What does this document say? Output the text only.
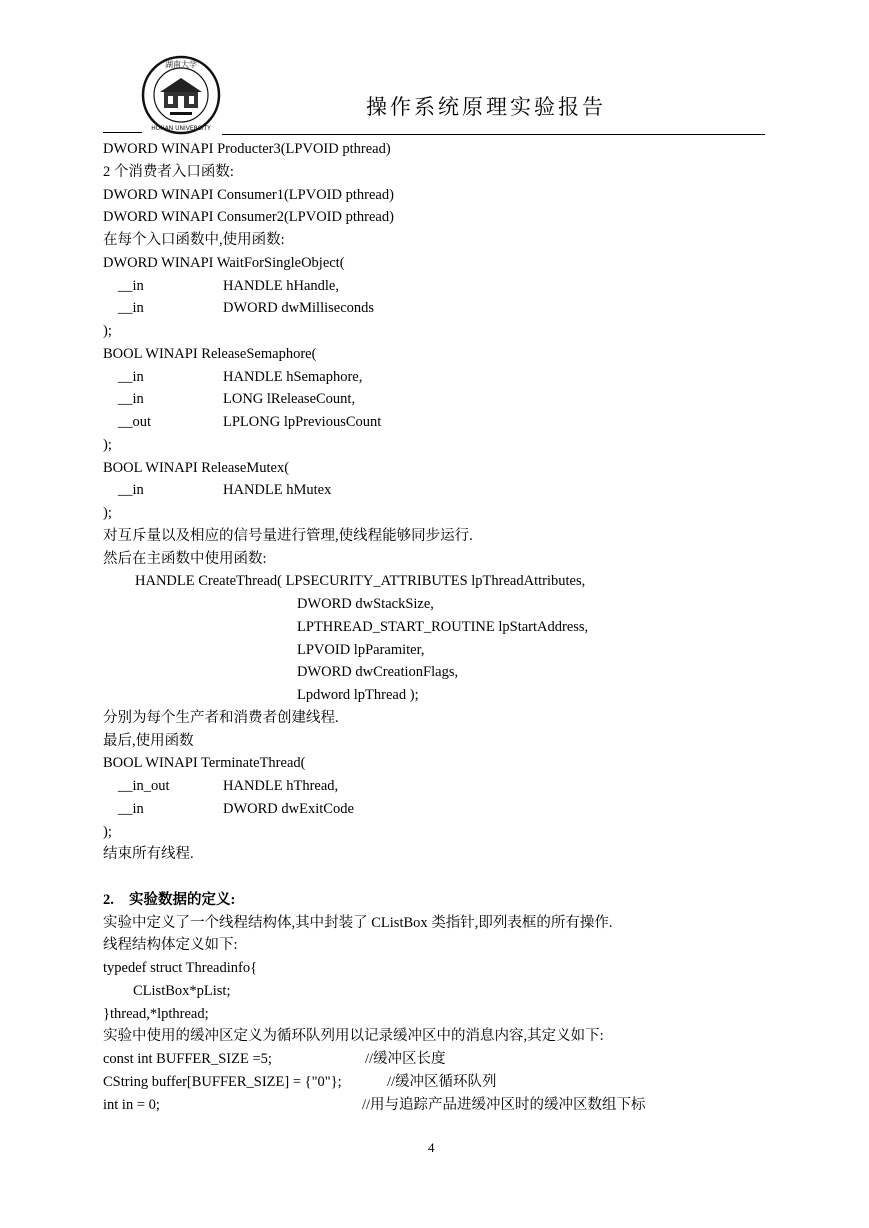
湖南大学
HUNAN UNIVERSITY
操作系统原理实验报告
DWORD WINAPI Producter3(LPVOID pthread)
2 个消费者入口函数:
DWORD WINAPI Consumer1(LPVOID pthread)
DWORD WINAPI Consumer2(LPVOID pthread)
在每个入口函数中,使用函数:
DWORD WINAPI WaitForSingleObject(
__in	HANDLE hHandle,
__in	DWORD dwMilliseconds
);
BOOL WINAPI ReleaseSemaphore(
__in	HANDLE hSemaphore,
__in	LONG lReleaseCount,
__out	LPLONG lpPreviousCount
);
BOOL WINAPI ReleaseMutex(
__in	HANDLE hMutex
);
对互斥量以及相应的信号量进行管理,使线程能够同步运行.
然后在主函数中使用函数:
HANDLE CreateThread( LPSECURITY_ATTRIBUTES lpThreadAttributes,
DWORD dwStackSize,
LPTHREAD_START_ROUTINE lpStartAddress,
LPVOID lpParamiter,
DWORD dwCreationFlags,
Lpdword lpThread );
分别为每个生产者和消费者创建线程.
最后,使用函数
BOOL WINAPI TerminateThread(
__in_out	HANDLE hThread,
__in	DWORD dwExitCode
);
结束所有线程.
2. 实验数据的定义:
实验中定义了一个线程结构体,其中封装了 CListBox 类指针,即列表框的所有操作.
线程结构体定义如下:
typedef struct Threadinfo{
CListBox*pList;
}thread,*lpthread;
实验中使用的缓冲区定义为循环队列用以记录缓冲区中的消息内容,其定义如下:
const int BUFFER_SIZE =5;	//缓冲区长度
CString buffer[BUFFER_SIZE] = {"0"};	//缓冲区循环队列
int in = 0;	//用与追踪产品进缓冲区时的缓冲区数组下标
4
